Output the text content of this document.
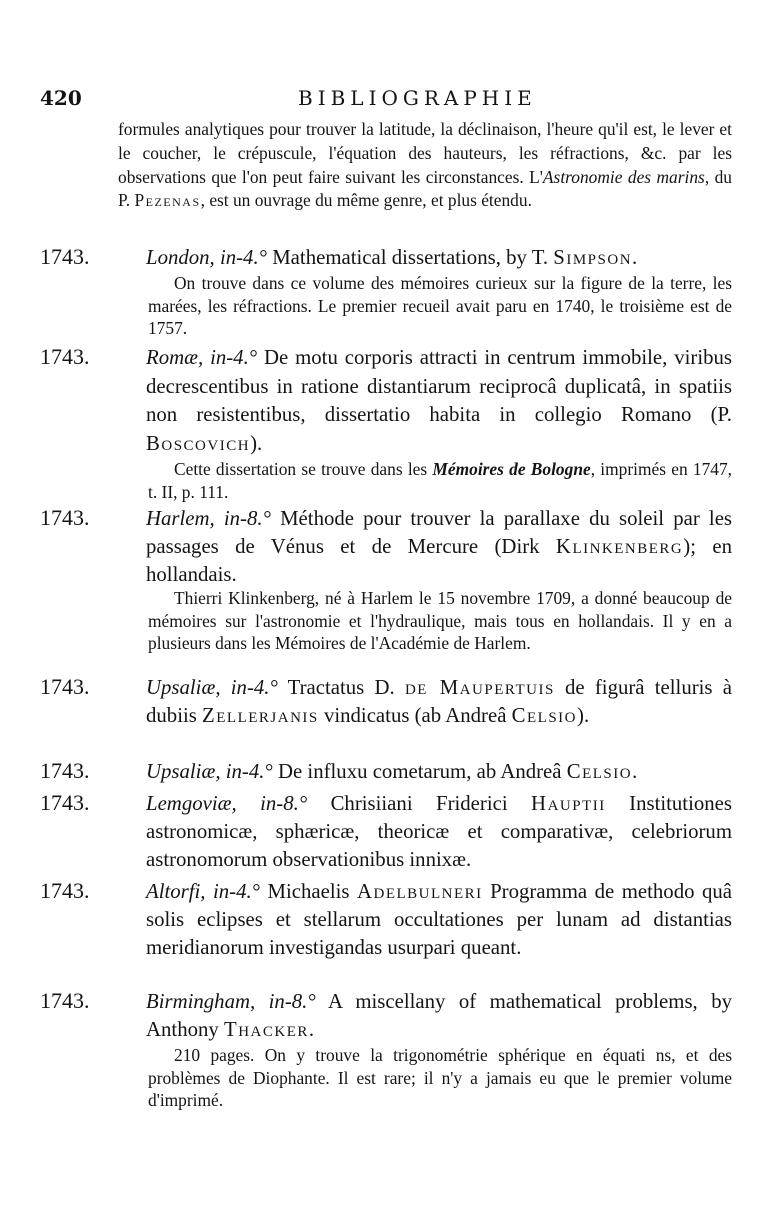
420	BIBLIOGRAPHIE
formules analytiques pour trouver la latitude, la déclinaison, l'heure qu'il est, le lever et le coucher, le crépuscule, l'équation des hauteurs, les réfractions, &c. par les observations que l'on peut faire suivant les circonstances. L'Astronomie des marins, du P. Pezenas, est un ouvrage du même genre, et plus étendu.
1743.	London, in-4.° Mathematical dissertations, by T. Simpson.
On trouve dans ce volume des mémoires curieux sur la figure de la terre, les marées, les réfractions. Le premier recueil avait paru en 1740, le troisième est de 1757.
1743.	Romæ, in-4.° De motu corporis attracti in centrum immobile, viribus decrescentibus in ratione distantiarum reciprocâ duplicatâ, in spatiis non resistentibus, dissertatio habita in collegio Romano (P. Boscovich).
Cette dissertation se trouve dans les Mémoires de Bologne, imprimés en 1747, t. II, p. 111.
1743.	Harlem, in-8.° Méthode pour trouver la parallaxe du soleil par les passages de Vénus et de Mercure (Dirk Klinkenberg); en hollandais.
Thierri Klinkenberg, né à Harlem le 15 novembre 1709, a donné beaucoup de mémoires sur l'astronomie et l'hydraulique, mais tous en hollandais. Il y en a plusieurs dans les Mémoires de l'Académie de Harlem.
1743.	Upsaliæ, in-4.° Tractatus D. de Maupertuis de figurâ telluris à dubiis Zellerjanis vindicatus (ab Andreâ Celsio).
1743.	Upsaliæ, in-4.° De influxu cometarum, ab Andreâ Celsio.
1743.	Lemgoviæ, in-8.° Chrisiiani Friderici Hauptii Institutiones astronomicæ, sphæricæ, theoricæ et comparativæ, celebriorum astronomorum observationibus innixæ.
1743.	Altorfi, in-4.° Michaelis Adelbulneri Programma de methodo quâ solis eclipses et stellarum occultationes per lunam ad distantias meridianorum investigandas usurpari queant.
1743.	Birmingham, in-8.° A miscellany of mathematical problems, by Anthony Thacker.
210 pages. On y trouve la trigonométrie sphérique en équati ns, et des problèmes de Diophante. Il est rare; il n'y a jamais eu que le premier volume d'imprimé.
